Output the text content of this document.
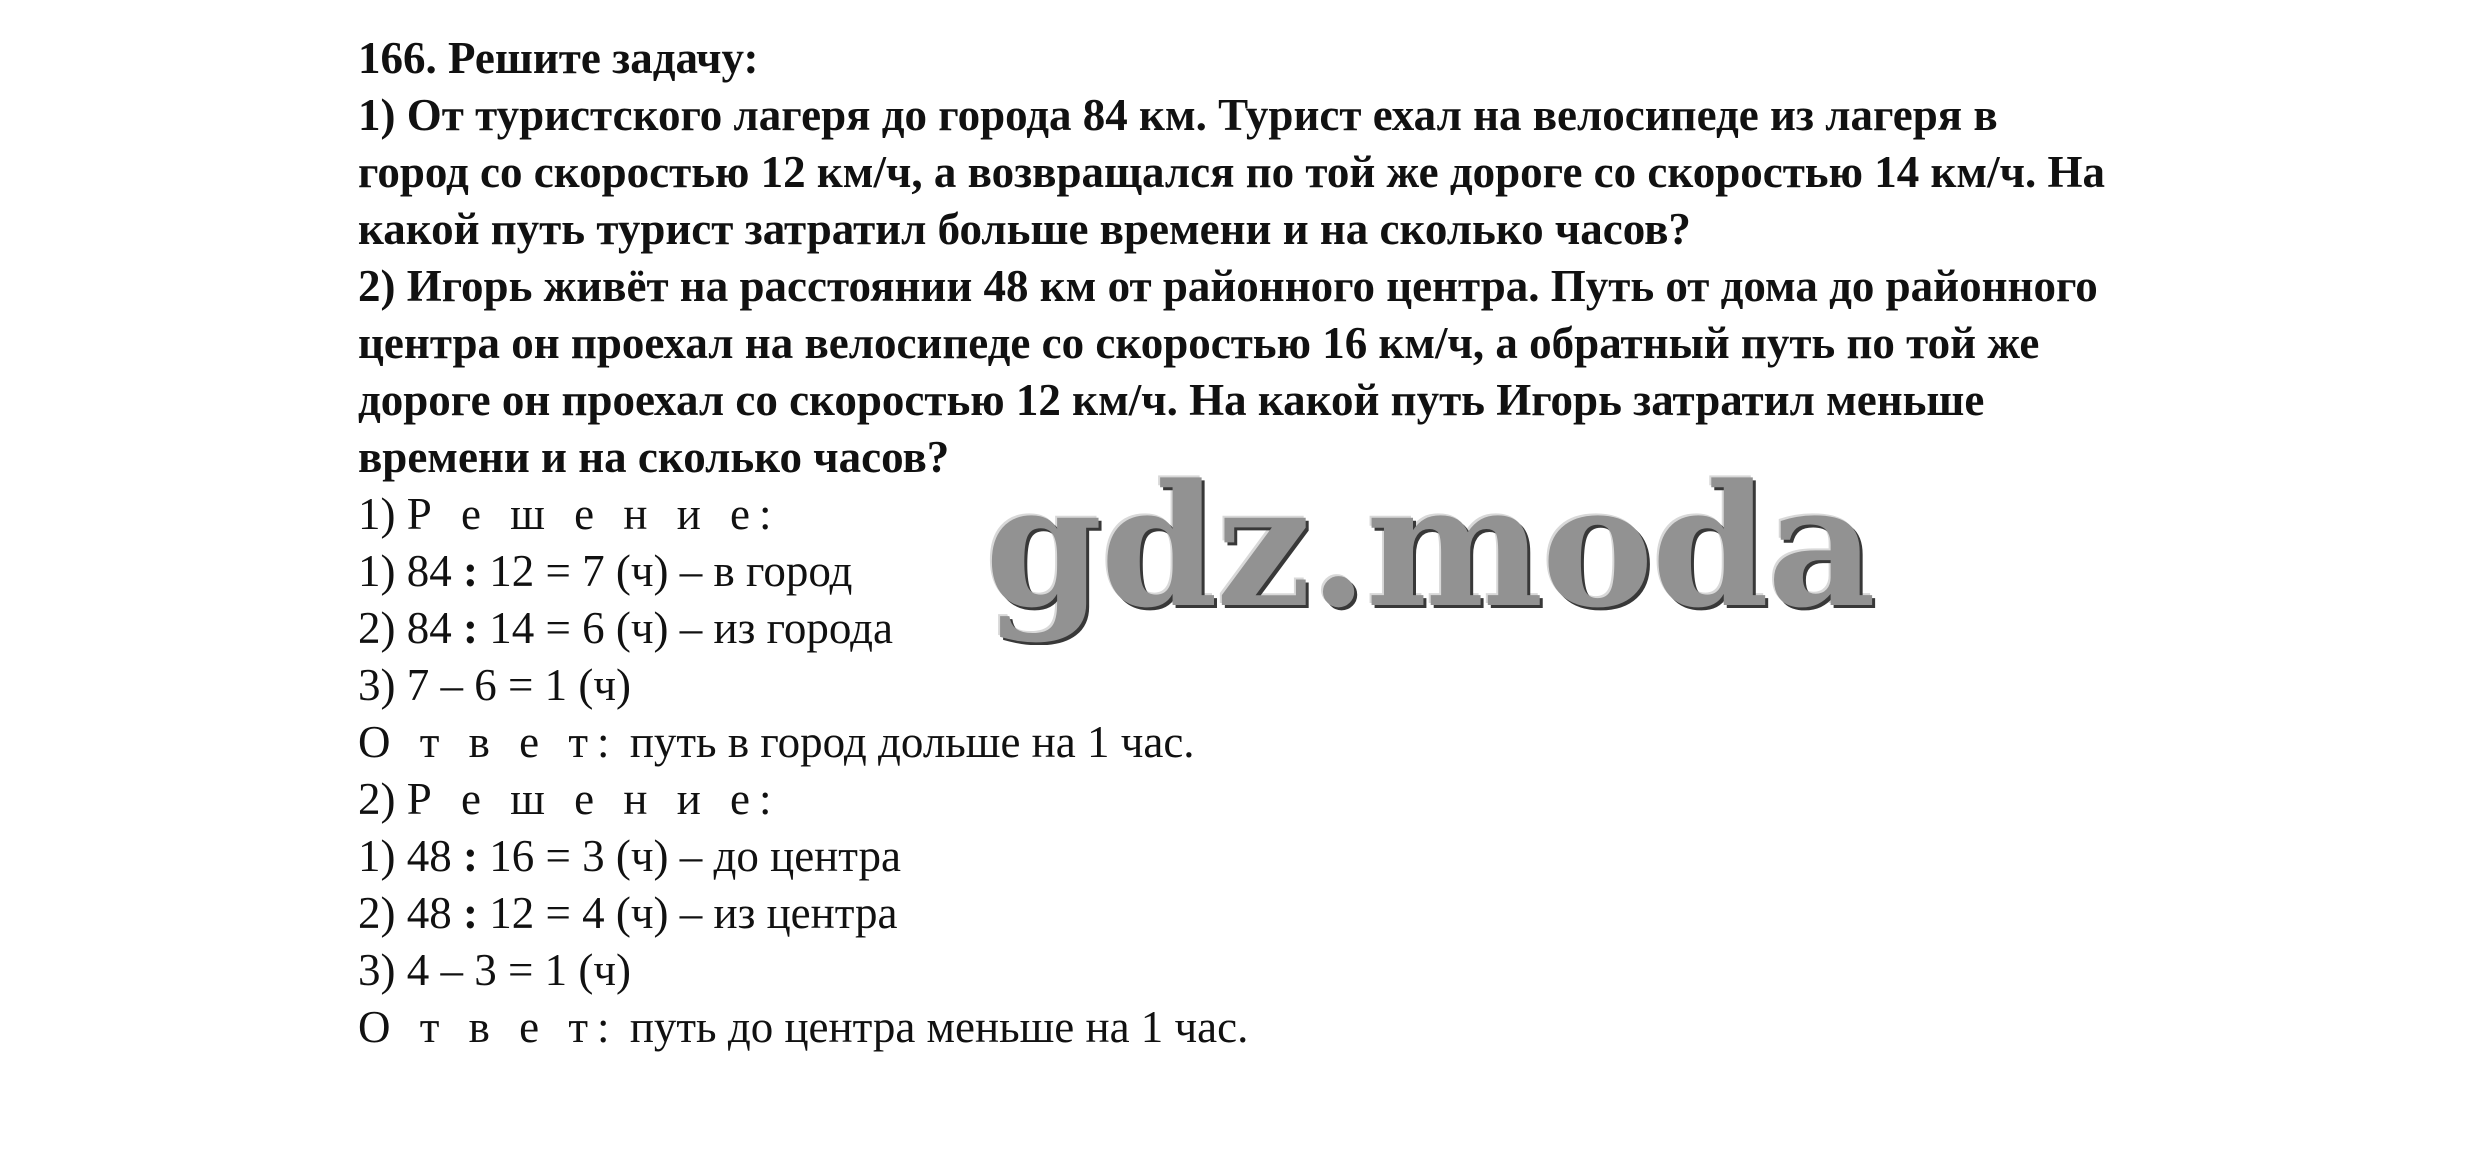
166. Решите задачу:
1) От туристского лагеря до города 84 км. Турист ехал на велосипеде из лагеря в
город со скоростью 12 км/ч, а возвращался по той же дороге со скоростью 14 км/ч. На
какой путь турист затратил больше времени и на сколько часов?
2) Игорь живёт на расстоянии 48 км от районного центра. Путь от дома до районного
центра он проехал на велосипеде со скоростью 16 км/ч, а обратный путь по той же
дороге он проехал со скоростью 12 км/ч. На какой путь Игорь затратил меньше
времени и на сколько часов?
1) Р е ш е н и е:
1) 84 : 12 = 7 (ч) – в город
2) 84 : 14 = 6 (ч) – из города
3) 7 – 6 = 1 (ч)
О т в е т: путь в город дольше на 1 час.
2) Р е ш е н и е:
1) 48 : 16 = 3 (ч) – до центра
2) 48 : 12 = 4 (ч) – из центра
3) 4 – 3 = 1 (ч)
О т в е т: путь до центра меньше на 1 час.
gdz.moda
